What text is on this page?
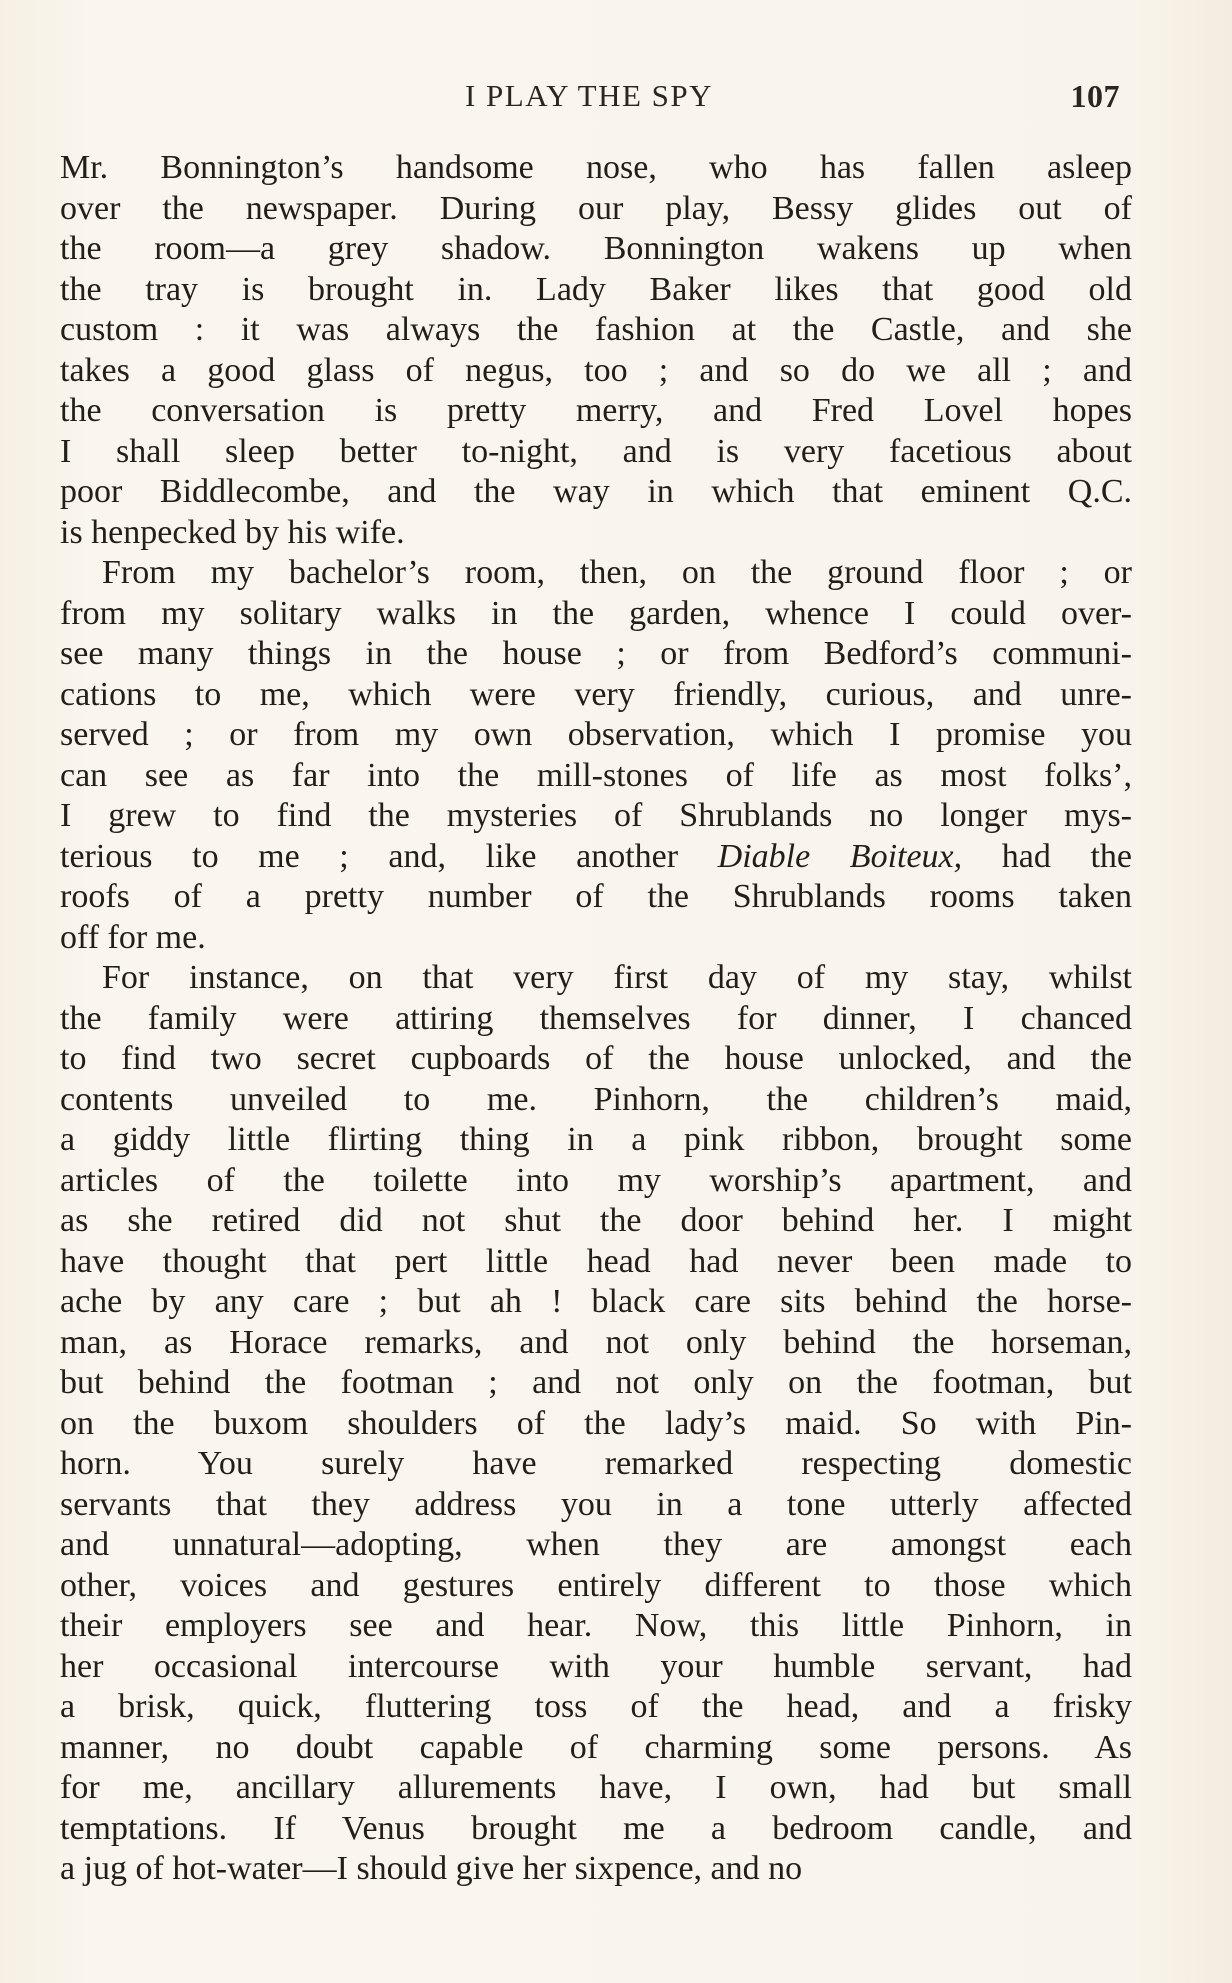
I PLAY THE SPY	107
Mr. Bonnington’s handsome nose, who has fallen asleep
over the newspaper. During our play, Bessy glides out of
the room—a grey shadow. Bonnington wakens up when
the tray is brought in. Lady Baker likes that good old
custom : it was always the fashion at the Castle, and she
takes a good glass of negus, too ; and so do we all ; and
the conversation is pretty merry, and Fred Lovel hopes
I shall sleep better to-night, and is very facetious about
poor Biddlecombe, and the way in which that eminent Q.C.
is henpecked by his wife.
From my bachelor’s room, then, on the ground floor ; or
from my solitary walks in the garden, whence I could over-
see many things in the house ; or from Bedford’s communi-
cations to me, which were very friendly, curious, and unre-
served ; or from my own observation, which I promise you
can see as far into the mill-stones of life as most folks’,
I grew to find the mysteries of Shrublands no longer mys-
terious to me ; and, like another Diable Boiteux, had the
roofs of a pretty number of the Shrublands rooms taken
off for me.
For instance, on that very first day of my stay, whilst
the family were attiring themselves for dinner, I chanced
to find two secret cupboards of the house unlocked, and the
contents unveiled to me. Pinhorn, the children’s maid,
a giddy little flirting thing in a pink ribbon, brought some
articles of the toilette into my worship’s apartment, and
as she retired did not shut the door behind her. I might
have thought that pert little head had never been made to
ache by any care ; but ah ! black care sits behind the horse-
man, as Horace remarks, and not only behind the horseman,
but behind the footman ; and not only on the footman, but
on the buxom shoulders of the lady’s maid. So with Pin-
horn. You surely have remarked respecting domestic
servants that they address you in a tone utterly affected
and unnatural—adopting, when they are amongst each
other, voices and gestures entirely different to those which
their employers see and hear. Now, this little Pinhorn, in
her occasional intercourse with your humble servant, had
a brisk, quick, fluttering toss of the head, and a frisky
manner, no doubt capable of charming some persons. As
for me, ancillary allurements have, I own, had but small
temptations. If Venus brought me a bedroom candle, and
a jug of hot-water—I should give her sixpence, and no
